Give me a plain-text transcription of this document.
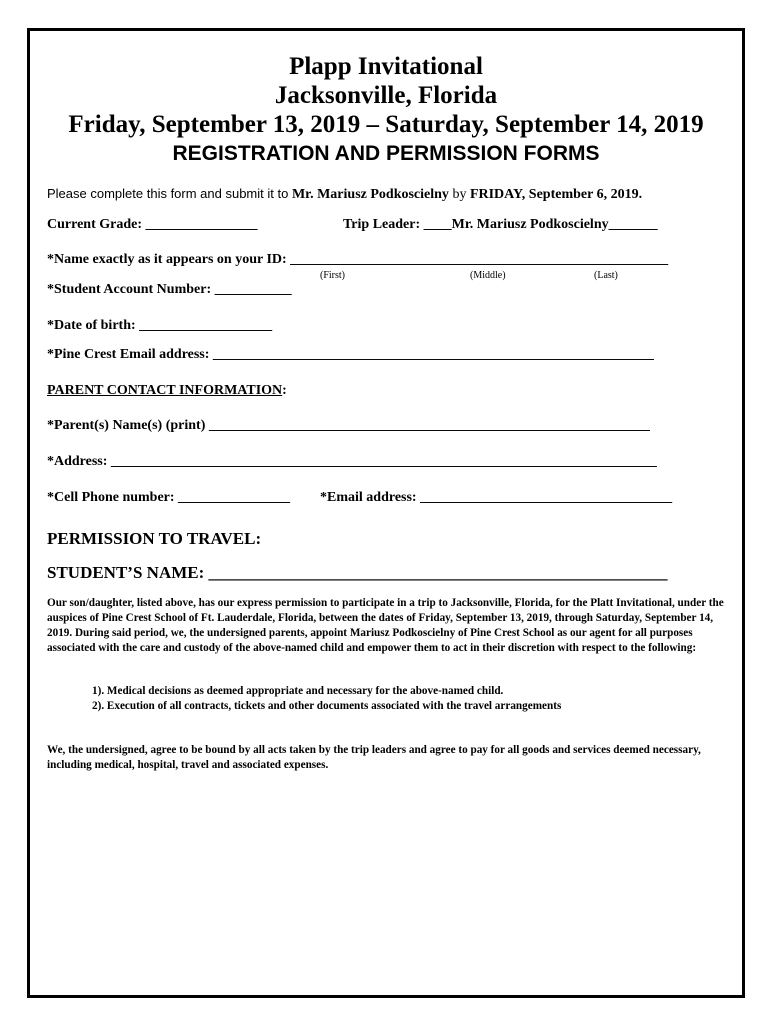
Plapp Invitational
Jacksonville, Florida
Friday, September 13, 2019 – Saturday, September 14, 2019
REGISTRATION AND PERMISSION FORMS
Please complete this form and submit it to Mr. Mariusz Podkoscielny by FRIDAY, September 6, 2019.
Current Grade: ________________	Trip Leader: ____Mr. Mariusz Podkoscielny_______
*Name exactly as it appears on your ID: ______________________________________________________
(First)	(Middle)	(Last)
*Student Account Number: ___________
*Date of birth: ___________________
*Pine Crest Email address: _______________________________________________________________
PARENT CONTACT INFORMATION:
*Parent(s) Name(s) (print) _______________________________________________________________
*Address: ______________________________________________________________________________
*Cell Phone number: ________________ *Email address: ____________________________________
PERMISSION TO TRAVEL:
STUDENT’S NAME: ______________________________________________________
Our son/daughter, listed above, has our express permission to participate in a trip to Jacksonville, Florida, for the Platt Invitational, under the auspices of Pine Crest School of Ft. Lauderdale, Florida, between the dates of Friday, September 13, 2019, through Saturday, September 14, 2019. During said period, we, the undersigned parents, appoint Mariusz Podkoscielny of Pine Crest School as our agent for all purposes associated with the care and custody of the above-named child and empower them to act in their discretion with respect to the following:
1). Medical decisions as deemed appropriate and necessary for the above-named child.
2). Execution of all contracts, tickets and other documents associated with the travel arrangements
We, the undersigned, agree to be bound by all acts taken by the trip leaders and agree to pay for all goods and services deemed necessary, including medical, hospital, travel and associated expenses.
